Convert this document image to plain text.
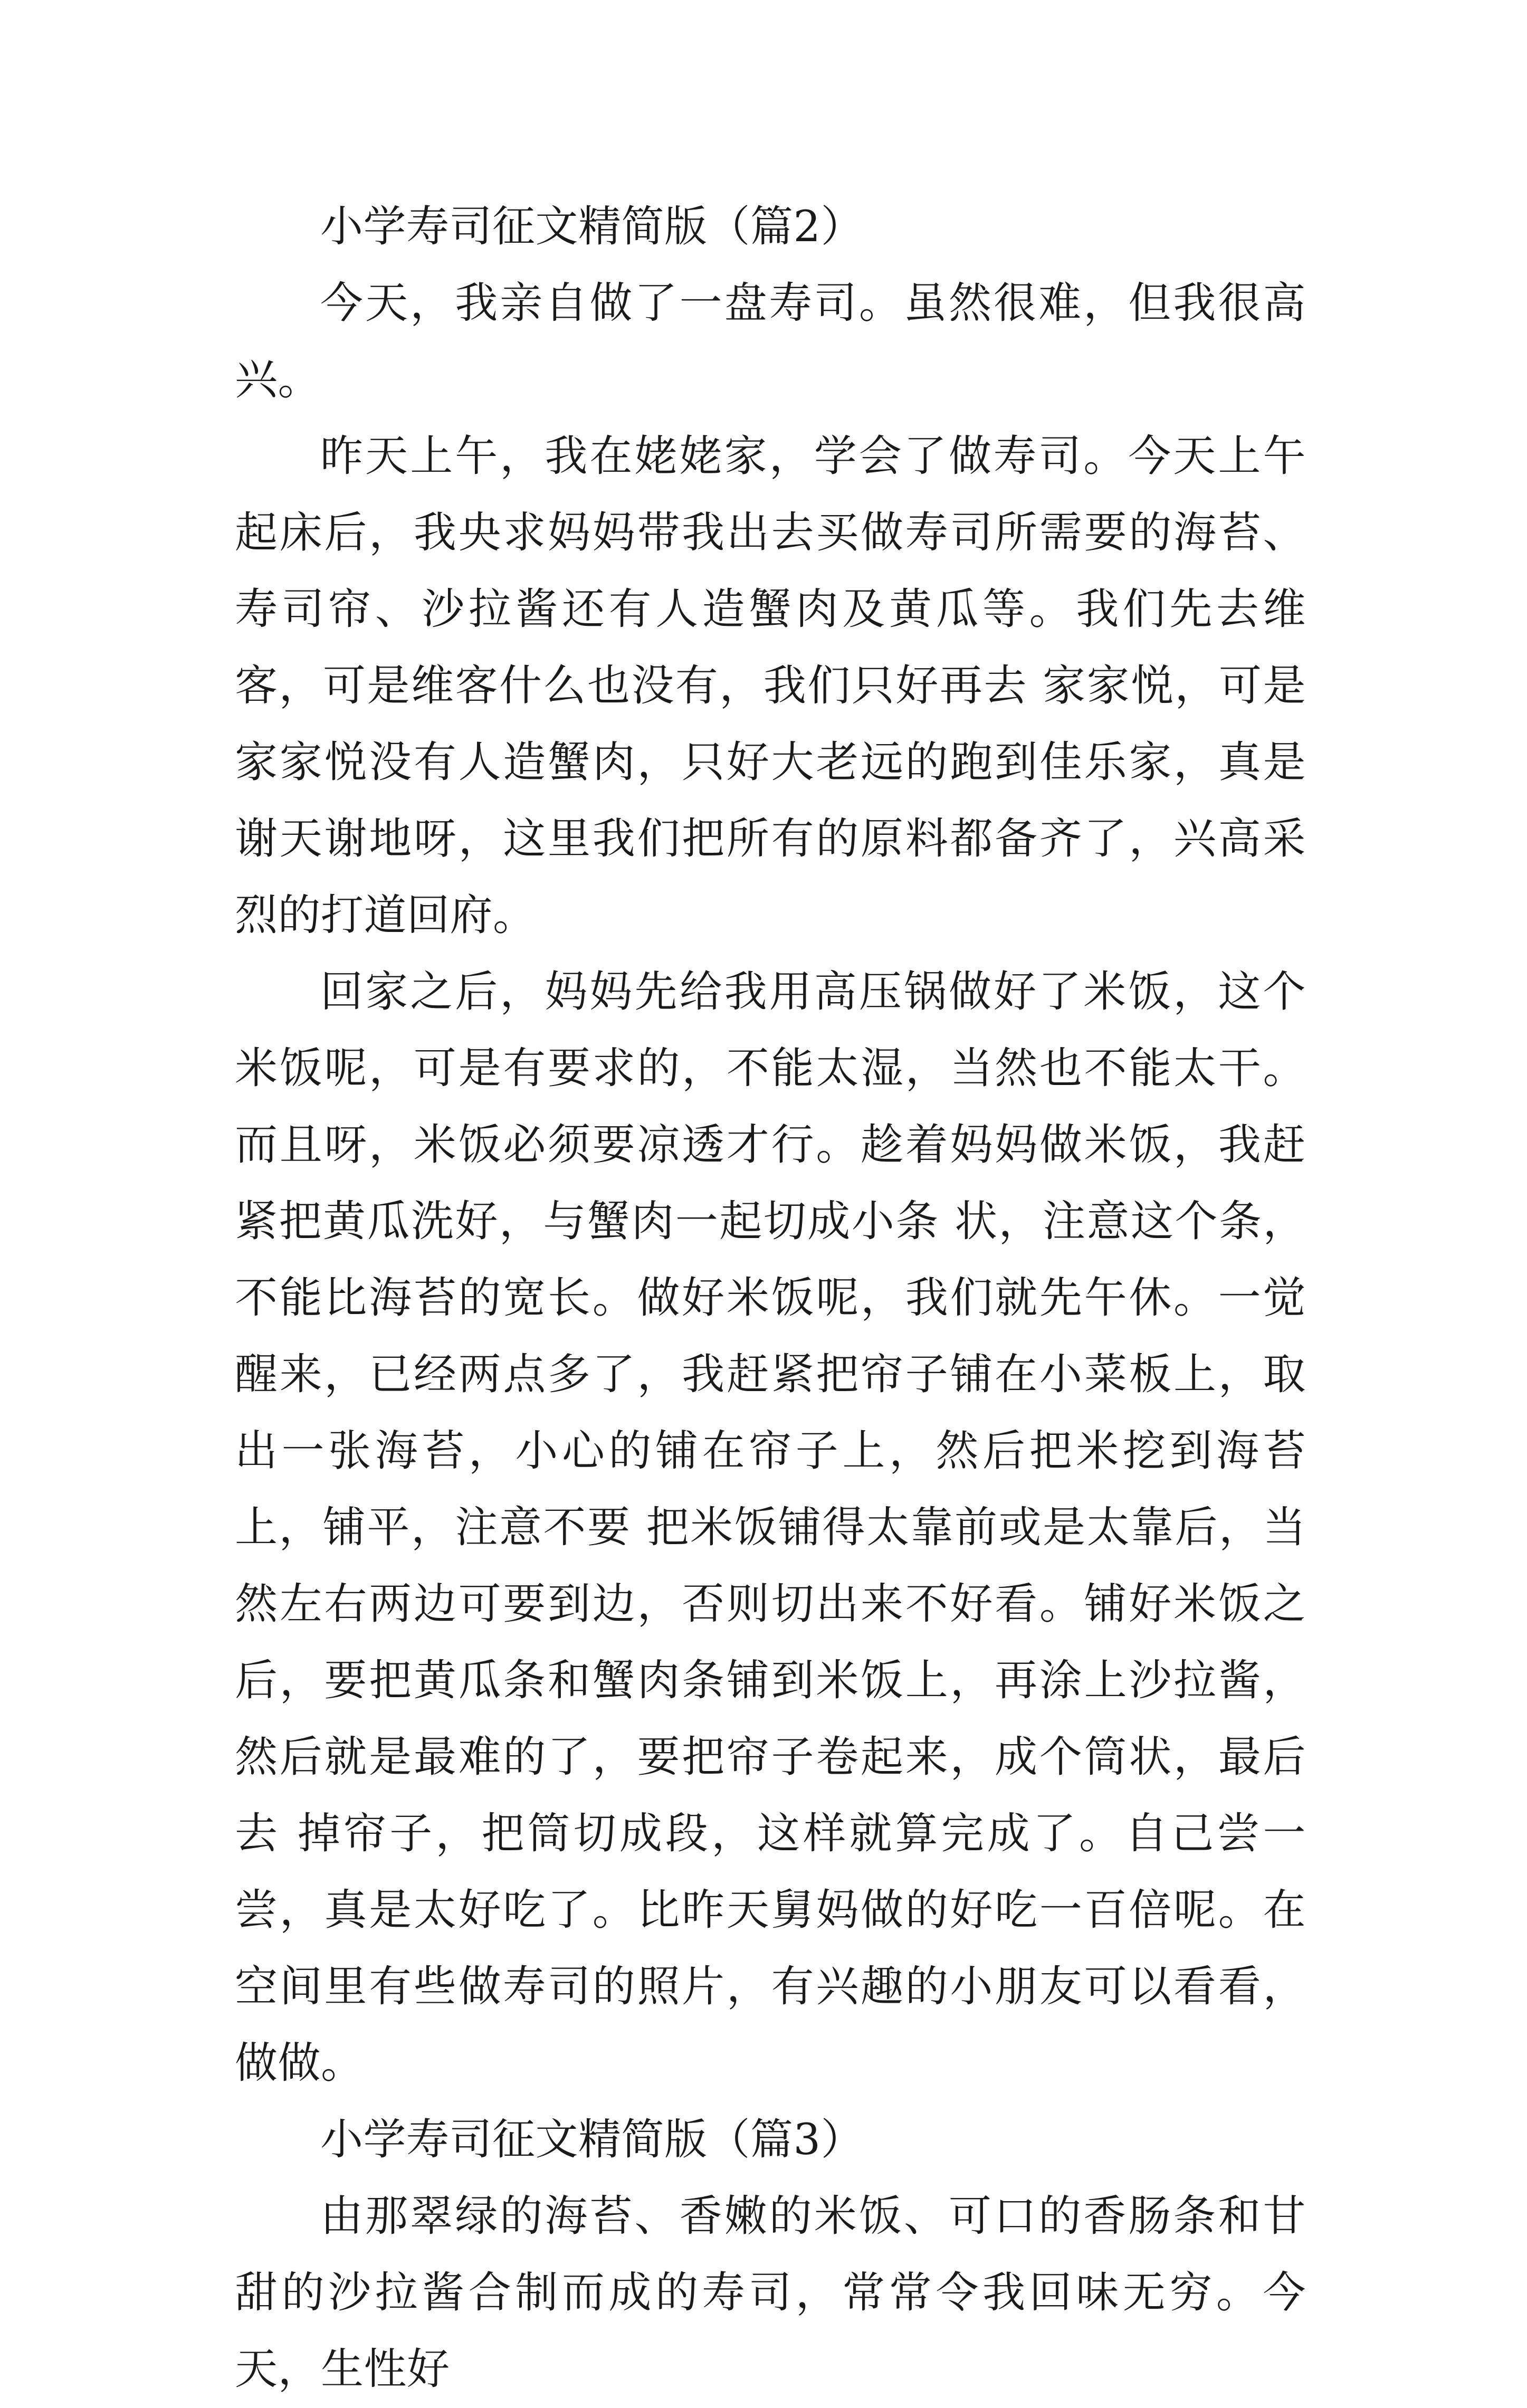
小学寿司征文精简版（篇2）

今天，我亲自做了一盘寿司。虽然很难，但我很高兴。

昨天上午，我在姥姥家，学会了做寿司。今天上午起床后，我央求妈妈带我出去买做寿司所需要的海苔、寿司帘、沙拉酱还有人造蟹肉及黄瓜等。我们先去维客，可是维客什么也没有，我们只好再去 家家悦，可是家家悦没有人造蟹肉，只好大老远的跑到佳乐家，真是谢天谢地呀，这里我们把所有的原料都备齐了，兴高采烈的打道回府。

回家之后，妈妈先给我用高压锅做好了米饭，这个米饭呢，可是有要求的，不能太湿，当然也不能太干。而且呀，米饭必须要凉透才行。趁着妈妈做米饭，我赶紧把黄瓜洗好，与蟹肉一起切成小条 状，注意这个条，不能比海苔的宽长。做好米饭呢，我们就先午休。一觉醒来，已经两点多了，我赶紧把帘子铺在小菜板上，取出一张海苔，小心的铺在帘子上，然后把米挖到海苔上，铺平，注意不要 把米饭铺得太靠前或是太靠后，当然左右两边可要到边，否则切出来不好看。铺好米饭之后，要把黄瓜条和蟹肉条铺到米饭上，再涂上沙拉酱，然后就是最难的了，要把帘子卷起来，成个筒状，最后去 掉帘子，把筒切成段，这样就算完成了。自己尝一尝，真是太好吃了。比昨天舅妈做的好吃一百倍呢。在空间里有些做寿司的照片，有兴趣的小朋友可以看看，做做。

小学寿司征文精简版（篇3）

由那翠绿的海苔、香嫩的米饭、可口的香肠条和甘甜的沙拉酱合制而成的寿司，常常令我回味无穷。今天，生性好
